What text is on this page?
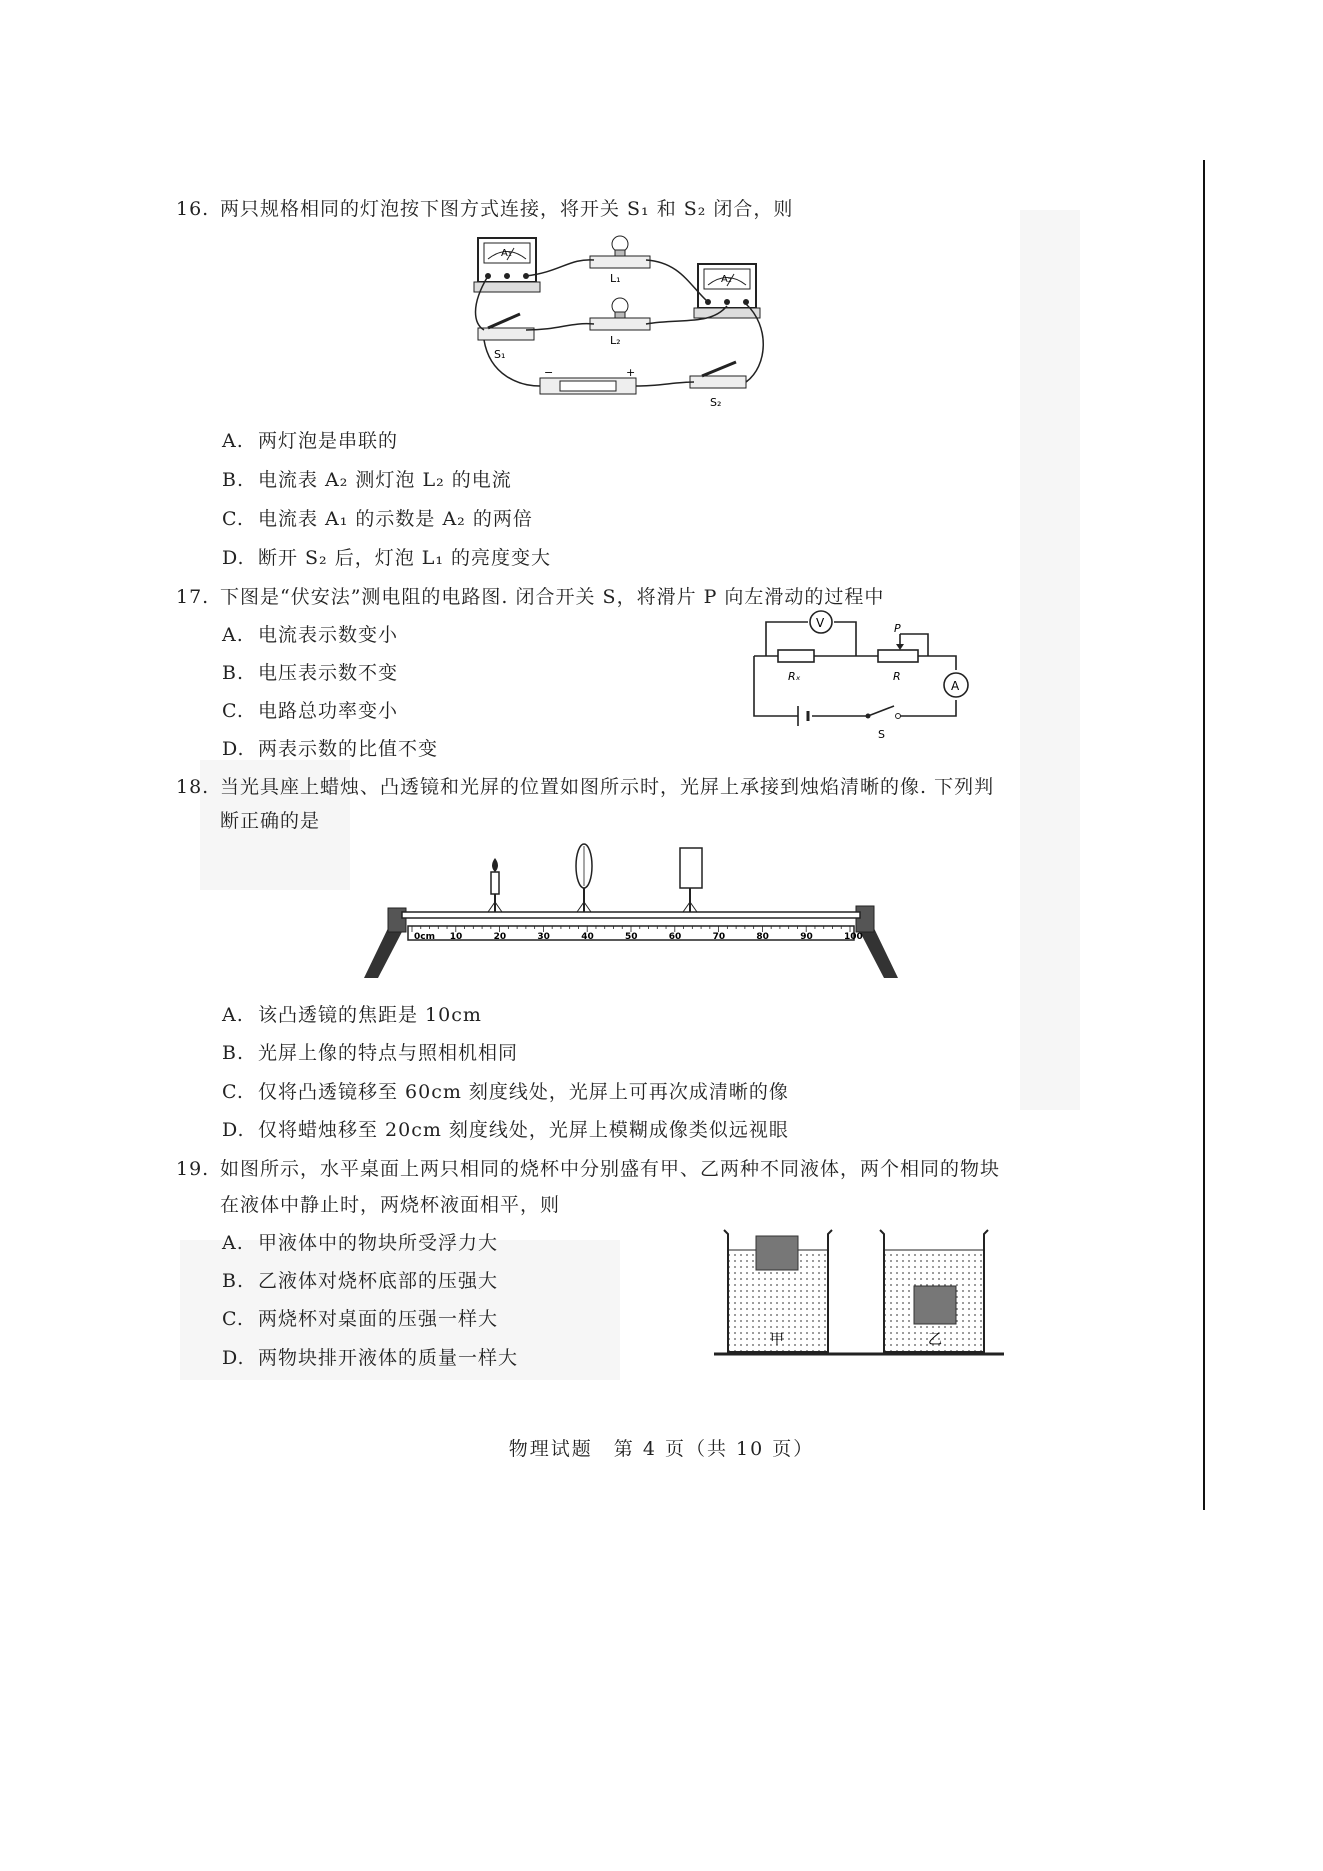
16. 两只规格相同的灯泡按下图方式连接，将开关 S₁ 和 S₂ 闭合，则
A₁
L₁	A₂
S₁
L₂
−	+
S₂
A. 两灯泡是串联的
B. 电流表 A₂ 测灯泡 L₂ 的电流
C. 电流表 A₁ 的示数是 A₂ 的两倍
D. 断开 S₂ 后，灯泡 L₁ 的亮度变大
17. 下图是“伏安法”测电阻的电路图. 闭合开关 S，将滑片 P 向左滑动的过程中
V
Rₓ
P
R
A
S
A. 电流表示数变小
B. 电压表示数不变
C. 电路总功率变小
D. 两表示数的比值不变
18. 当光具座上蜡烛、凸透镜和光屏的位置如图所示时，光屏上承接到烛焰清晰的像. 下列判
断正确的是
0cm 10	20	30	40	50	60	70	80	90	100
A. 该凸透镜的焦距是 10cm
B. 光屏上像的特点与照相机相同
C. 仅将凸透镜移至 60cm 刻度线处，光屏上可再次成清晰的像
D. 仅将蜡烛移至 20cm 刻度线处，光屏上模糊成像类似远视眼
19. 如图所示，水平桌面上两只相同的烧杯中分别盛有甲、乙两种不同液体，两个相同的物块
在液体中静止时，两烧杯液面相平，则
甲	乙
A. 甲液体中的物块所受浮力大
B. 乙液体对烧杯底部的压强大
C. 两烧杯对桌面的压强一样大
D. 两物块排开液体的质量一样大
物理试题　第 4 页（共 10 页）
